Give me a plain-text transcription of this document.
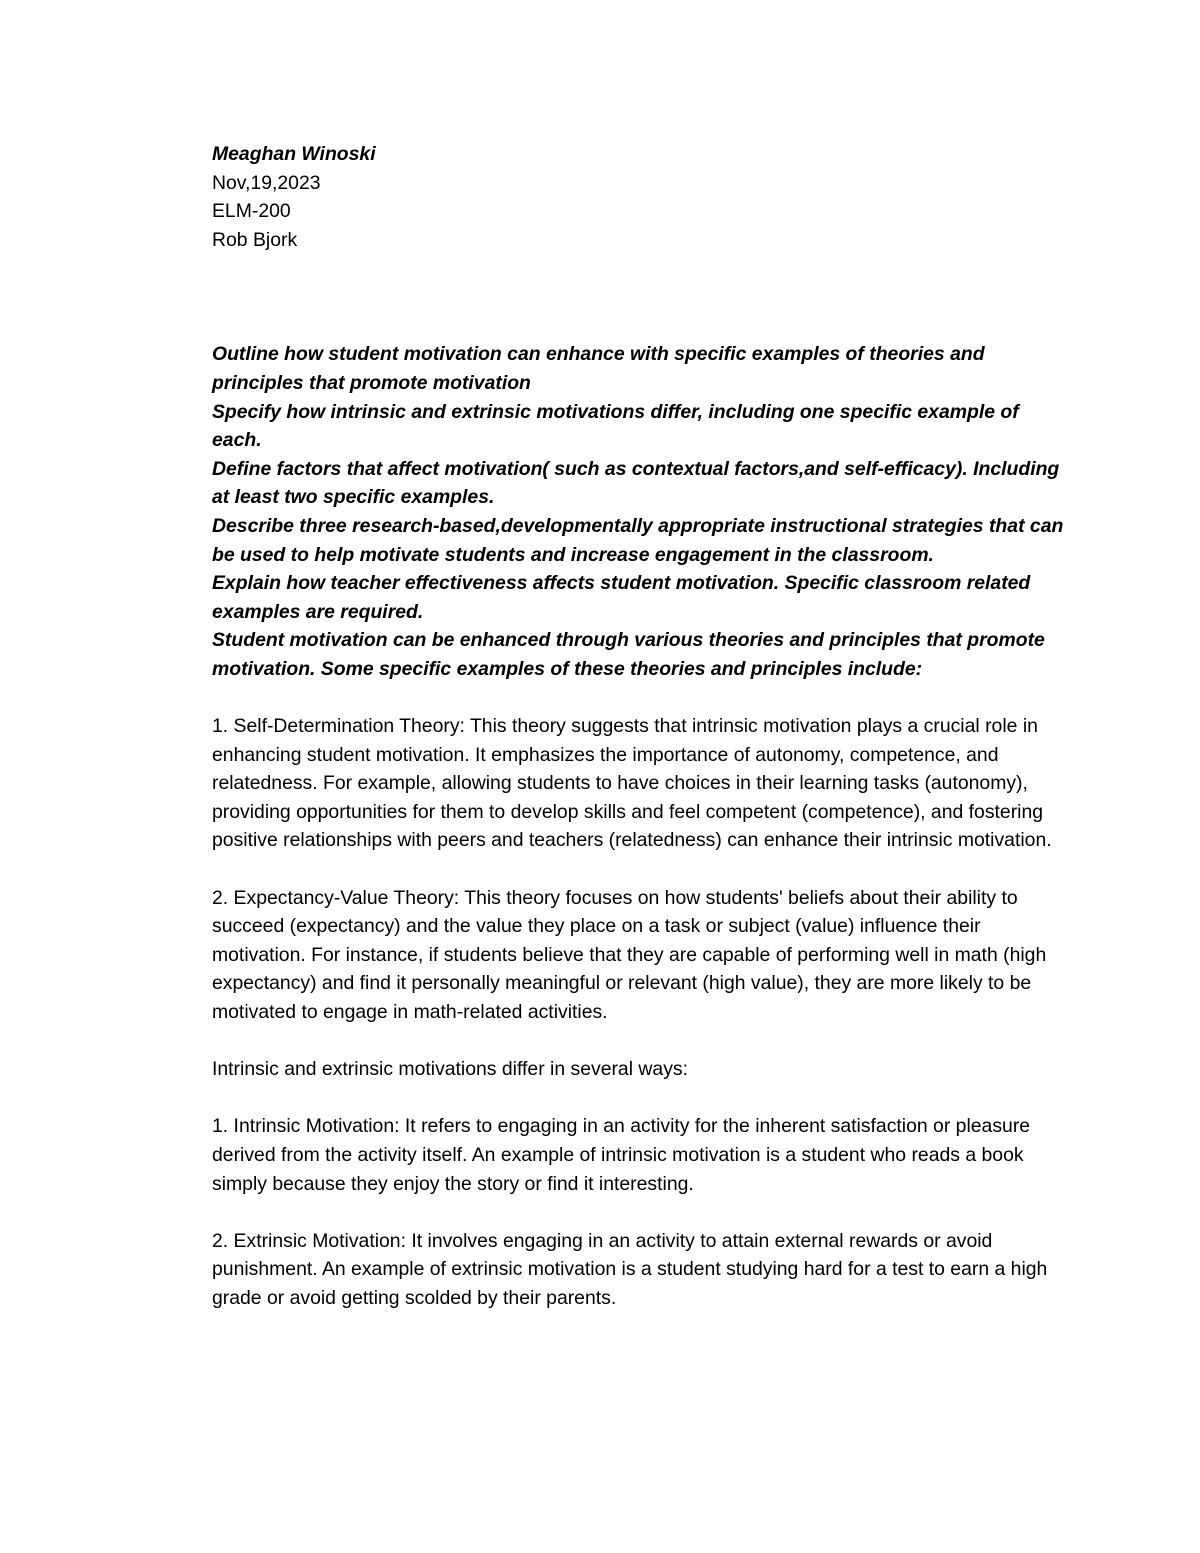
Meaghan Winoski
Nov,19,2023
ELM-200
Rob Bjork

Outline how student motivation can enhance with specific examples of theories and principles that promote motivation

Specify how intrinsic and extrinsic motivations differ, including one specific example of each.

Define factors that affect motivation( such as contextual factors,and self-efficacy). Including at least two specific examples.

Describe three research-based,developmentally appropriate instructional strategies that can be used to help motivate students and increase engagement in the classroom.

Explain how teacher effectiveness affects student motivation. Specific classroom related examples are required.

Student motivation can be enhanced through various theories and principles that promote motivation. Some specific examples of these theories and principles include:

1. Self-Determination Theory: This theory suggests that intrinsic motivation plays a crucial role in enhancing student motivation. It emphasizes the importance of autonomy, competence, and relatedness. For example, allowing students to have choices in their learning tasks (autonomy), providing opportunities for them to develop skills and feel competent (competence), and fostering positive relationships with peers and teachers (relatedness) can enhance their intrinsic motivation.

2. Expectancy-Value Theory: This theory focuses on how students' beliefs about their ability to succeed (expectancy) and the value they place on a task or subject (value) influence their motivation. For instance, if students believe that they are capable of performing well in math (high expectancy) and find it personally meaningful or relevant (high value), they are more likely to be motivated to engage in math-related activities.

Intrinsic and extrinsic motivations differ in several ways:

1. Intrinsic Motivation: It refers to engaging in an activity for the inherent satisfaction or pleasure derived from the activity itself. An example of intrinsic motivation is a student who reads a book simply because they enjoy the story or find it interesting.

2. Extrinsic Motivation: It involves engaging in an activity to attain external rewards or avoid punishment. An example of extrinsic motivation is a student studying hard for a test to earn a high grade or avoid getting scolded by their parents.
